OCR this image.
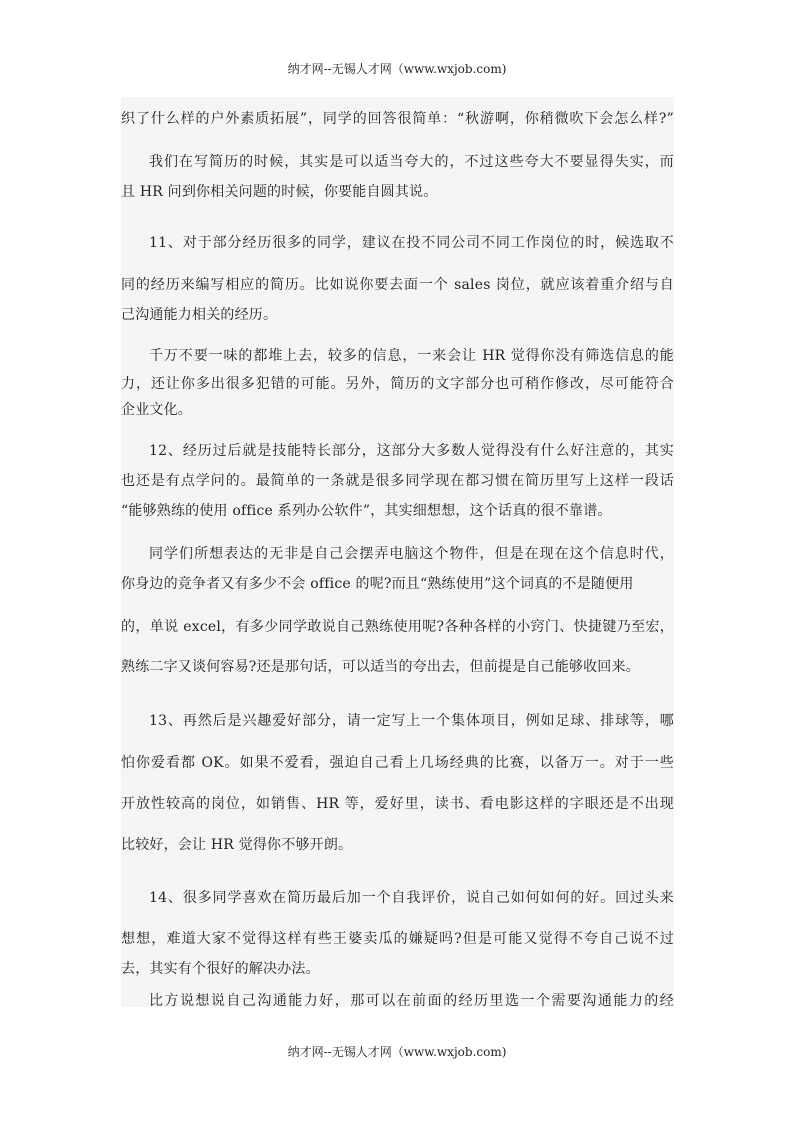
纳才网--无锡人才网（www.wxjob.com)
织了什么样的户外素质拓展”，同学的回答很简单：“秋游啊，你稍微吹下会怎么样?”
我们在写简历的时候，其实是可以适当夸大的，不过这些夸大不要显得失实，而
且 HR 问到你相关问题的时候，你要能自圆其说。
11、对于部分经历很多的同学，建议在投不同公司不同工作岗位的时，候选取不
同的经历来编写相应的简历。比如说你要去面一个 sales 岗位，就应该着重介绍与自
己沟通能力相关的经历。
千万不要一味的都堆上去，较多的信息，一来会让 HR 觉得你没有筛选信息的能
力，还让你多出很多犯错的可能。另外，简历的文字部分也可稍作修改，尽可能符合
企业文化。
12、经历过后就是技能特长部分，这部分大多数人觉得没有什么好注意的，其实
也还是有点学问的。最简单的一条就是很多同学现在都习惯在简历里写上这样一段话
“能够熟练的使用 office 系列办公软件”，其实细想想，这个话真的很不靠谱。
同学们所想表达的无非是自己会摆弄电脑这个物件，但是在现在这个信息时代，
你身边的竞争者又有多少不会 office 的呢?而且“熟练使用”这个词真的不是随便用
的，单说 excel，有多少同学敢说自己熟练使用呢?各种各样的小窍门、快捷键乃至宏，
熟练二字又谈何容易?还是那句话，可以适当的夸出去，但前提是自己能够收回来。
13、再然后是兴趣爱好部分，请一定写上一个集体项目，例如足球、排球等，哪
怕你爱看都 OK。如果不爱看，强迫自己看上几场经典的比赛，以备万一。对于一些
开放性较高的岗位，如销售、HR 等，爱好里，读书、看电影这样的字眼还是不出现
比较好，会让 HR 觉得你不够开朗。
14、很多同学喜欢在简历最后加一个自我评价，说自己如何如何的好。回过头来
想想，难道大家不觉得这样有些王婆卖瓜的嫌疑吗?但是可能又觉得不夸自己说不过
去，其实有个很好的解决办法。
比方说想说自己沟通能力好，那可以在前面的经历里选一个需要沟通能力的经
纳才网--无锡人才网（www.wxjob.com)
